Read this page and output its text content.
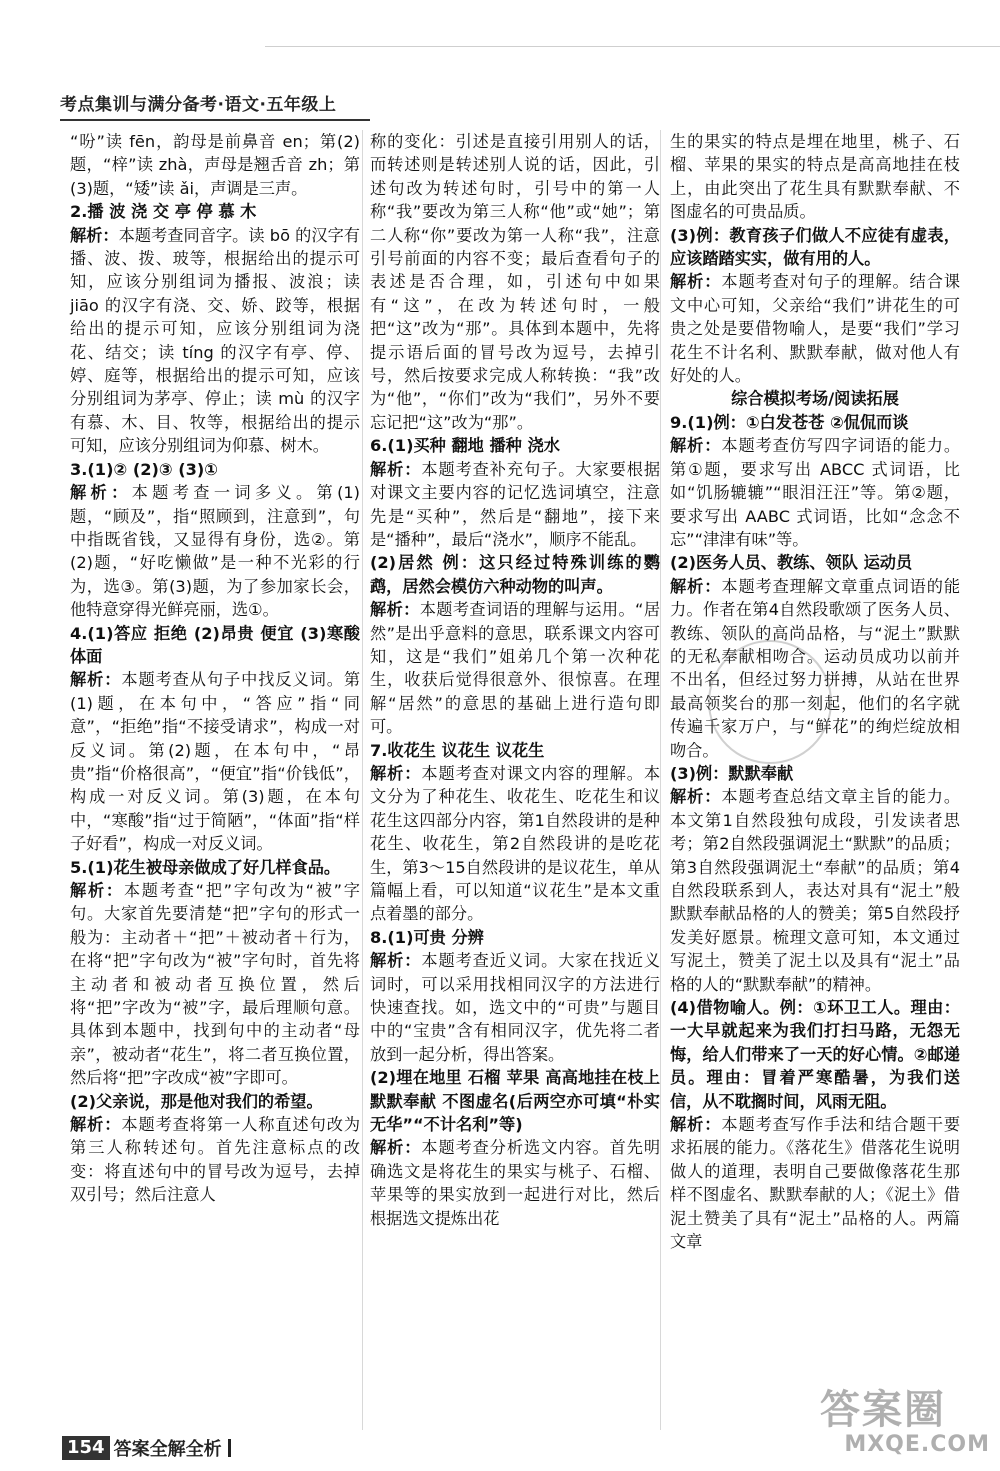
考点集训与满分备考·语文·五年级上

“吩”读 fēn，韵母是前鼻音 en；第(2)题，“梓”读 zhà，声母是翘舌音 zh；第(3)题，“矮”读 ǎi，声调是三声。

2.播 波 浇 交 亭 停 慕 木

解析：本题考查同音字。读 bō 的汉字有播、波、拨、玻等，根据给出的提示可知，应该分别组词为播报、波浪；读 jiāo 的汉字有浇、交、娇、跤等，根据给出的提示可知，应该分别组词为浇花、结交；读 tíng 的汉字有亭、停、婷、庭等，根据给出的提示可知，应该分别组词为茅亭、停止；读 mù 的汉字有慕、木、目、牧等，根据给出的提示可知，应该分别组词为仰慕、树木。

3.(1)② (2)③ (3)①

解析：本题考查一词多义。第(1)题，“顾及”，指“照顾到，注意到”，句中指既省钱，又显得有身份，选②。第(2)题，“好吃懒做”是一种不光彩的行为，选③。第(3)题，为了参加家长会，他特意穿得光鲜亮丽，选①。

4.(1)答应 拒绝 (2)昂贵 便宜 (3)寒酸 体面

解析：本题考查从句子中找反义词。第(1)题，在本句中，“答应”指“同意”，“拒绝”指“不接受请求”，构成一对反义词。第(2)题，在本句中，“昂贵”指“价格很高”，“便宜”指“价钱低”，构成一对反义词。第(3)题，在本句中，“寒酸”指“过于简陋”，“体面”指“样子好看”，构成一对反义词。

5.(1)花生被母亲做成了好几样食品。

解析：本题考查“把”字句改为“被”字句。大家首先要清楚“把”字句的形式一般为：主动者＋“把”＋被动者＋行为，在将“把”字句改为“被”字句时，首先将主动者和被动者互换位置，然后将“把”字改为“被”字，最后理顺句意。具体到本题中，找到句中的主动者“母亲”，被动者“花生”，将二者互换位置，然后将“把”字改成“被”字即可。

(2)父亲说，那是他对我们的希望。

解析：本题考查将第一人称直述句改为第三人称转述句。首先注意标点的改变：将直述句中的冒号改为逗号，去掉双引号；然后注意人

称的变化：引述是直接引用别人的话，而转述则是转述别人说的话，因此，引述句改为转述句时，引号中的第一人称“我”要改为第三人称“他”或“她”；第二人称“你”要改为第一人称“我”，注意引号前面的内容不变；最后查看句子的表述是否合理，如，引述句中如果有“这”，在改为转述句时，一般把“这”改为“那”。具体到本题中，先将提示语后面的冒号改为逗号，去掉引号，然后按要求完成人称转换：“我”改为“他”，“你们”改为“我们”，另外不要忘记把“这”改为“那”。

6.(1)买种 翻地 播种 浇水

解析：本题考查补充句子。大家要根据对课文主要内容的记忆选词填空，注意先是“买种”，然后是“翻地”，接下来是“播种”，最后“浇水”，顺序不能乱。

(2)居然 例：这只经过特殊训练的鹦鹉，居然会模仿六种动物的叫声。

解析：本题考查词语的理解与运用。“居然”是出乎意料的意思，联系课文内容可知，这是“我们”姐弟几个第一次种花生，收获后觉得很意外、很惊喜。在理解“居然”的意思的基础上进行造句即可。

7.收花生 议花生 议花生

解析：本题考查对课文内容的理解。本文分为了种花生、收花生、吃花生和议花生这四部分内容，第1自然段讲的是种花生、收花生，第2自然段讲的是吃花生，第3～15自然段讲的是议花生，单从篇幅上看，可以知道“议花生”是本文重点着墨的部分。

8.(1)可贵 分辨

解析：本题考查近义词。大家在找近义词时，可以采用找相同汉字的方法进行快速查找。如，选文中的“可贵”与题目中的“宝贵”含有相同汉字，优先将二者放到一起分析，得出答案。

(2)埋在地里 石榴 苹果 高高地挂在枝上 默默奉献 不图虚名(后两空亦可填“朴实无华”“不计名利”等)

解析：本题考查分析选文内容。首先明确选文是将花生的果实与桃子、石榴、苹果等的果实放到一起进行对比，然后根据选文提炼出花

生的果实的特点是埋在地里，桃子、石榴、苹果的果实的特点是高高地挂在枝上，由此突出了花生具有默默奉献、不图虚名的可贵品质。

(3)例：教育孩子们做人不应徒有虚表，应该踏踏实实，做有用的人。

解析：本题考查对句子的理解。结合课文中心可知，父亲给“我们”讲花生的可贵之处是要借物喻人，是要“我们”学习花生不计名利、默默奉献，做对他人有好处的人。

综合模拟考场/阅读拓展

9.(1)例：①白发苍苍 ②侃侃而谈

解析：本题考查仿写四字词语的能力。第①题，要求写出 ABCC 式词语，比如“饥肠辘辘”“眼泪汪汪”等。第②题，要求写出 AABC 式词语，比如“念念不忘”“津津有味”等。

(2)医务人员、教练、领队 运动员

解析：本题考查理解文章重点词语的能力。作者在第4自然段歌颂了医务人员、教练、领队的高尚品格，与“泥土”默默的无私奉献相吻合。运动员成功以前并不出名，但经过努力拼搏，从站在世界最高领奖台的那一刻起，他们的名字就传遍千家万户，与“鲜花”的绚烂绽放相吻合。

(3)例：默默奉献

解析：本题考查总结文章主旨的能力。本文第1自然段独句成段，引发读者思考；第2自然段强调泥土“默默”的品质；第3自然段强调泥土“奉献”的品质；第4自然段联系到人，表达对具有“泥土”般默默奉献品格的人的赞美；第5自然段抒发美好愿景。梳理文意可知，本文通过写泥土，赞美了泥土以及具有“泥土”品格的人的“默默奉献”的精神。

(4)借物喻人。例：①环卫工人。理由：一大早就起来为我们打扫马路，无怨无悔，给人们带来了一天的好心情。②邮递员。理由：冒着严寒酷暑，为我们送信，从不耽搁时间，风雨无阻。

解析：本题考查写作手法和结合题干要求拓展的能力。《落花生》借落花生说明做人的道理，表明自己要做像落花生那样不图虚名、默默奉献的人；《泥土》借泥土赞美了具有“泥土”品格的人。两篇文章

154 答案全解全析
答案圈
MXQE.COM
